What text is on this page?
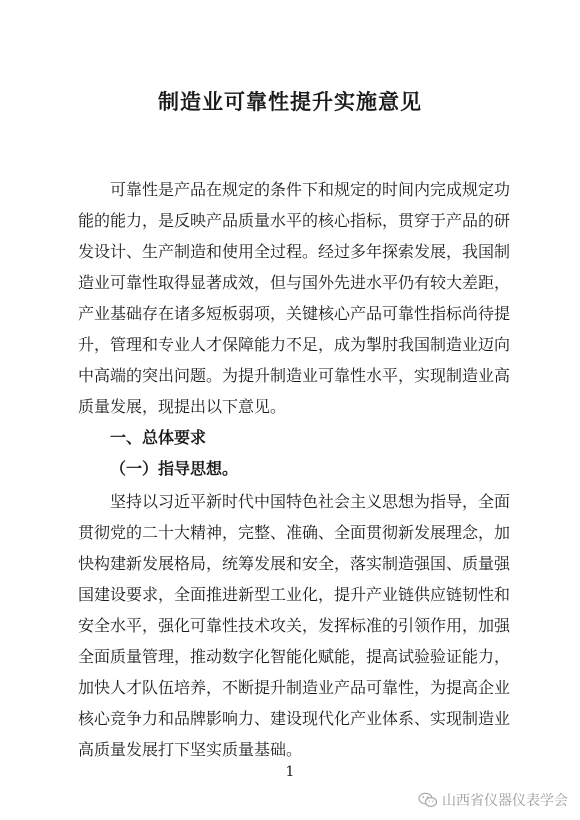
制造业可靠性提升实施意见
可靠性是产品在规定的条件下和规定的时间内完成规定功
能的能力，是反映产品质量水平的核心指标，贯穿于产品的研
发设计、生产制造和使用全过程。经过多年探索发展，我国制
造业可靠性取得显著成效，但与国外先进水平仍有较大差距，
产业基础存在诸多短板弱项，关键核心产品可靠性指标尚待提
升，管理和专业人才保障能力不足，成为掣肘我国制造业迈向
中高端的突出问题。为提升制造业可靠性水平，实现制造业高
质量发展，现提出以下意见。
一、总体要求
（一）指导思想。
坚持以习近平新时代中国特色社会主义思想为指导，全面
贯彻党的二十大精神，完整、准确、全面贯彻新发展理念，加
快构建新发展格局，统筹发展和安全，落实制造强国、质量强
国建设要求，全面推进新型工业化，提升产业链供应链韧性和
安全水平，强化可靠性技术攻关，发挥标准的引领作用，加强
全面质量管理，推动数字化智能化赋能，提高试验验证能力，
加快人才队伍培养，不断提升制造业产品可靠性，为提高企业
核心竞争力和品牌影响力、建设现代化产业体系、实现制造业
高质量发展打下坚实质量基础。
1
山西省仪器仪表学会
